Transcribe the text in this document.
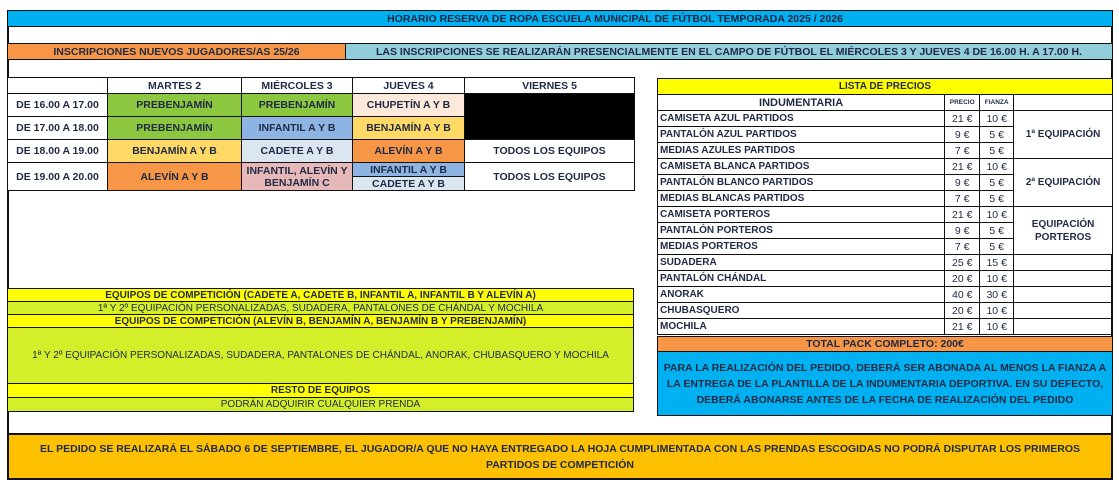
HORARIO RESERVA DE ROPA ESCUELA MUNICIPAL DE FÚTBOL TEMPORADA 2025 / 2026
INSCRIPCIONES NUEVOS JUGADORES/AS 25/26	LAS INSCRIPCIONES SE REALIZARÁN PRESENCIALMENTE EN EL CAMPO DE FÚTBOL EL MIÉRCOLES 3 Y JUEVES 4 DE 16.00 H. A 17.00 H.
	MARTES 2	MIÉRCOLES 3	JUEVES 4	VIERNES 5
DE 16.00 A 17.00	PREBENJAMÍN	PREBENJAMÍN	CHUPETÍN A Y B	
DE 17.00 A 18.00	PREBENJAMÍN	INFANTIL A Y B	BENJAMÍN A Y B	
DE 18.00 A 19.00	BENJAMÍN A Y B	CADETE A Y B	ALEVÍN A Y B	TODOS LOS EQUIPOS
DE 19.00 A 20.00	ALEVÍN A Y B	INFANTIL, ALEVÍN Y
BENJAMÍN C	INFANTIL A Y B	TODOS LOS EQUIPOS
			CADETE A Y B	
EQUIPOS DE COMPETICIÓN (CADETE A, CADETE B, INFANTIL A, INFANTIL B Y ALEVÍN A)
1ª Y 2º EQUIPACIÓN PERSONALIZADAS, SUDADERA, PANTALONES DE CHÁNDAL Y MOCHILA
EQUIPOS DE COMPETICIÓN (ALEVÍN B, BENJAMÍN A, BENJAMÍN B Y PREBENJAMÍN)
1ª Y 2º EQUIPACIÓN PERSONALIZADAS, SUDADERA, PANTALONES DE CHÁNDAL, ANORAK, CHUBASQUERO Y MOCHILA
RESTO DE EQUIPOS
PODRÁN ADQUIRIR CUALQUIER PRENDA
LISTA DE PRECIOS			
INDUMENTARIA	PRECIO	FIANZA	
CAMISETA AZUL PARTIDOS	21 €	10 €	1ª EQUIPACIÓN
PANTALÓN AZUL PARTIDOS	9 €	5 €	
MEDIAS AZULES PARTIDOS	7 €	5 €	
CAMISETA BLANCA PARTIDOS	21 €	10 €	2ª EQUIPACIÓN
PANTALÓN BLANCO PARTIDOS	9 €	5 €	
MEDIAS BLANCAS PARTIDOS	7 €	5 €	
CAMISETA PORTEROS	21 €	10 €	EQUIPACIÓN
PORTEROS

PANTALÓN PORTEROS	9 €	5 €	
MEDIAS PORTEROS	7 €	5 €	
SUDADERA	25 €	15 €	
PANTALÓN CHÁNDAL	20 €	10 €	
ANORAK	40 €	30 €	
CHUBASQUERO	20 €	10 €	
MOCHILA	21 €	10 €	
TOTAL PACK COMPLETO: 200€
PARA LA REALIZACIÓN DEL PEDIDO, DEBERÁ SER ABONADA AL MENOS LA FIANZA A LA ENTREGA DE LA PLANTILLA DE LA INDUMENTARIA DEPORTIVA. EN SU DEFECTO, DEBERÁ ABONARSE ANTES DE LA FECHA DE REALIZACIÓN DEL PEDIDO
EL PEDIDO SE REALIZARÁ EL SÁBADO 6 DE SEPTIEMBRE, EL JUGADOR/A QUE NO HAYA ENTREGADO LA HOJA CUMPLIMENTADA CON LAS PRENDAS ESCOGIDAS NO PODRÁ DISPUTAR LOS PRIMEROS PARTIDOS DE COMPETICIÓN
